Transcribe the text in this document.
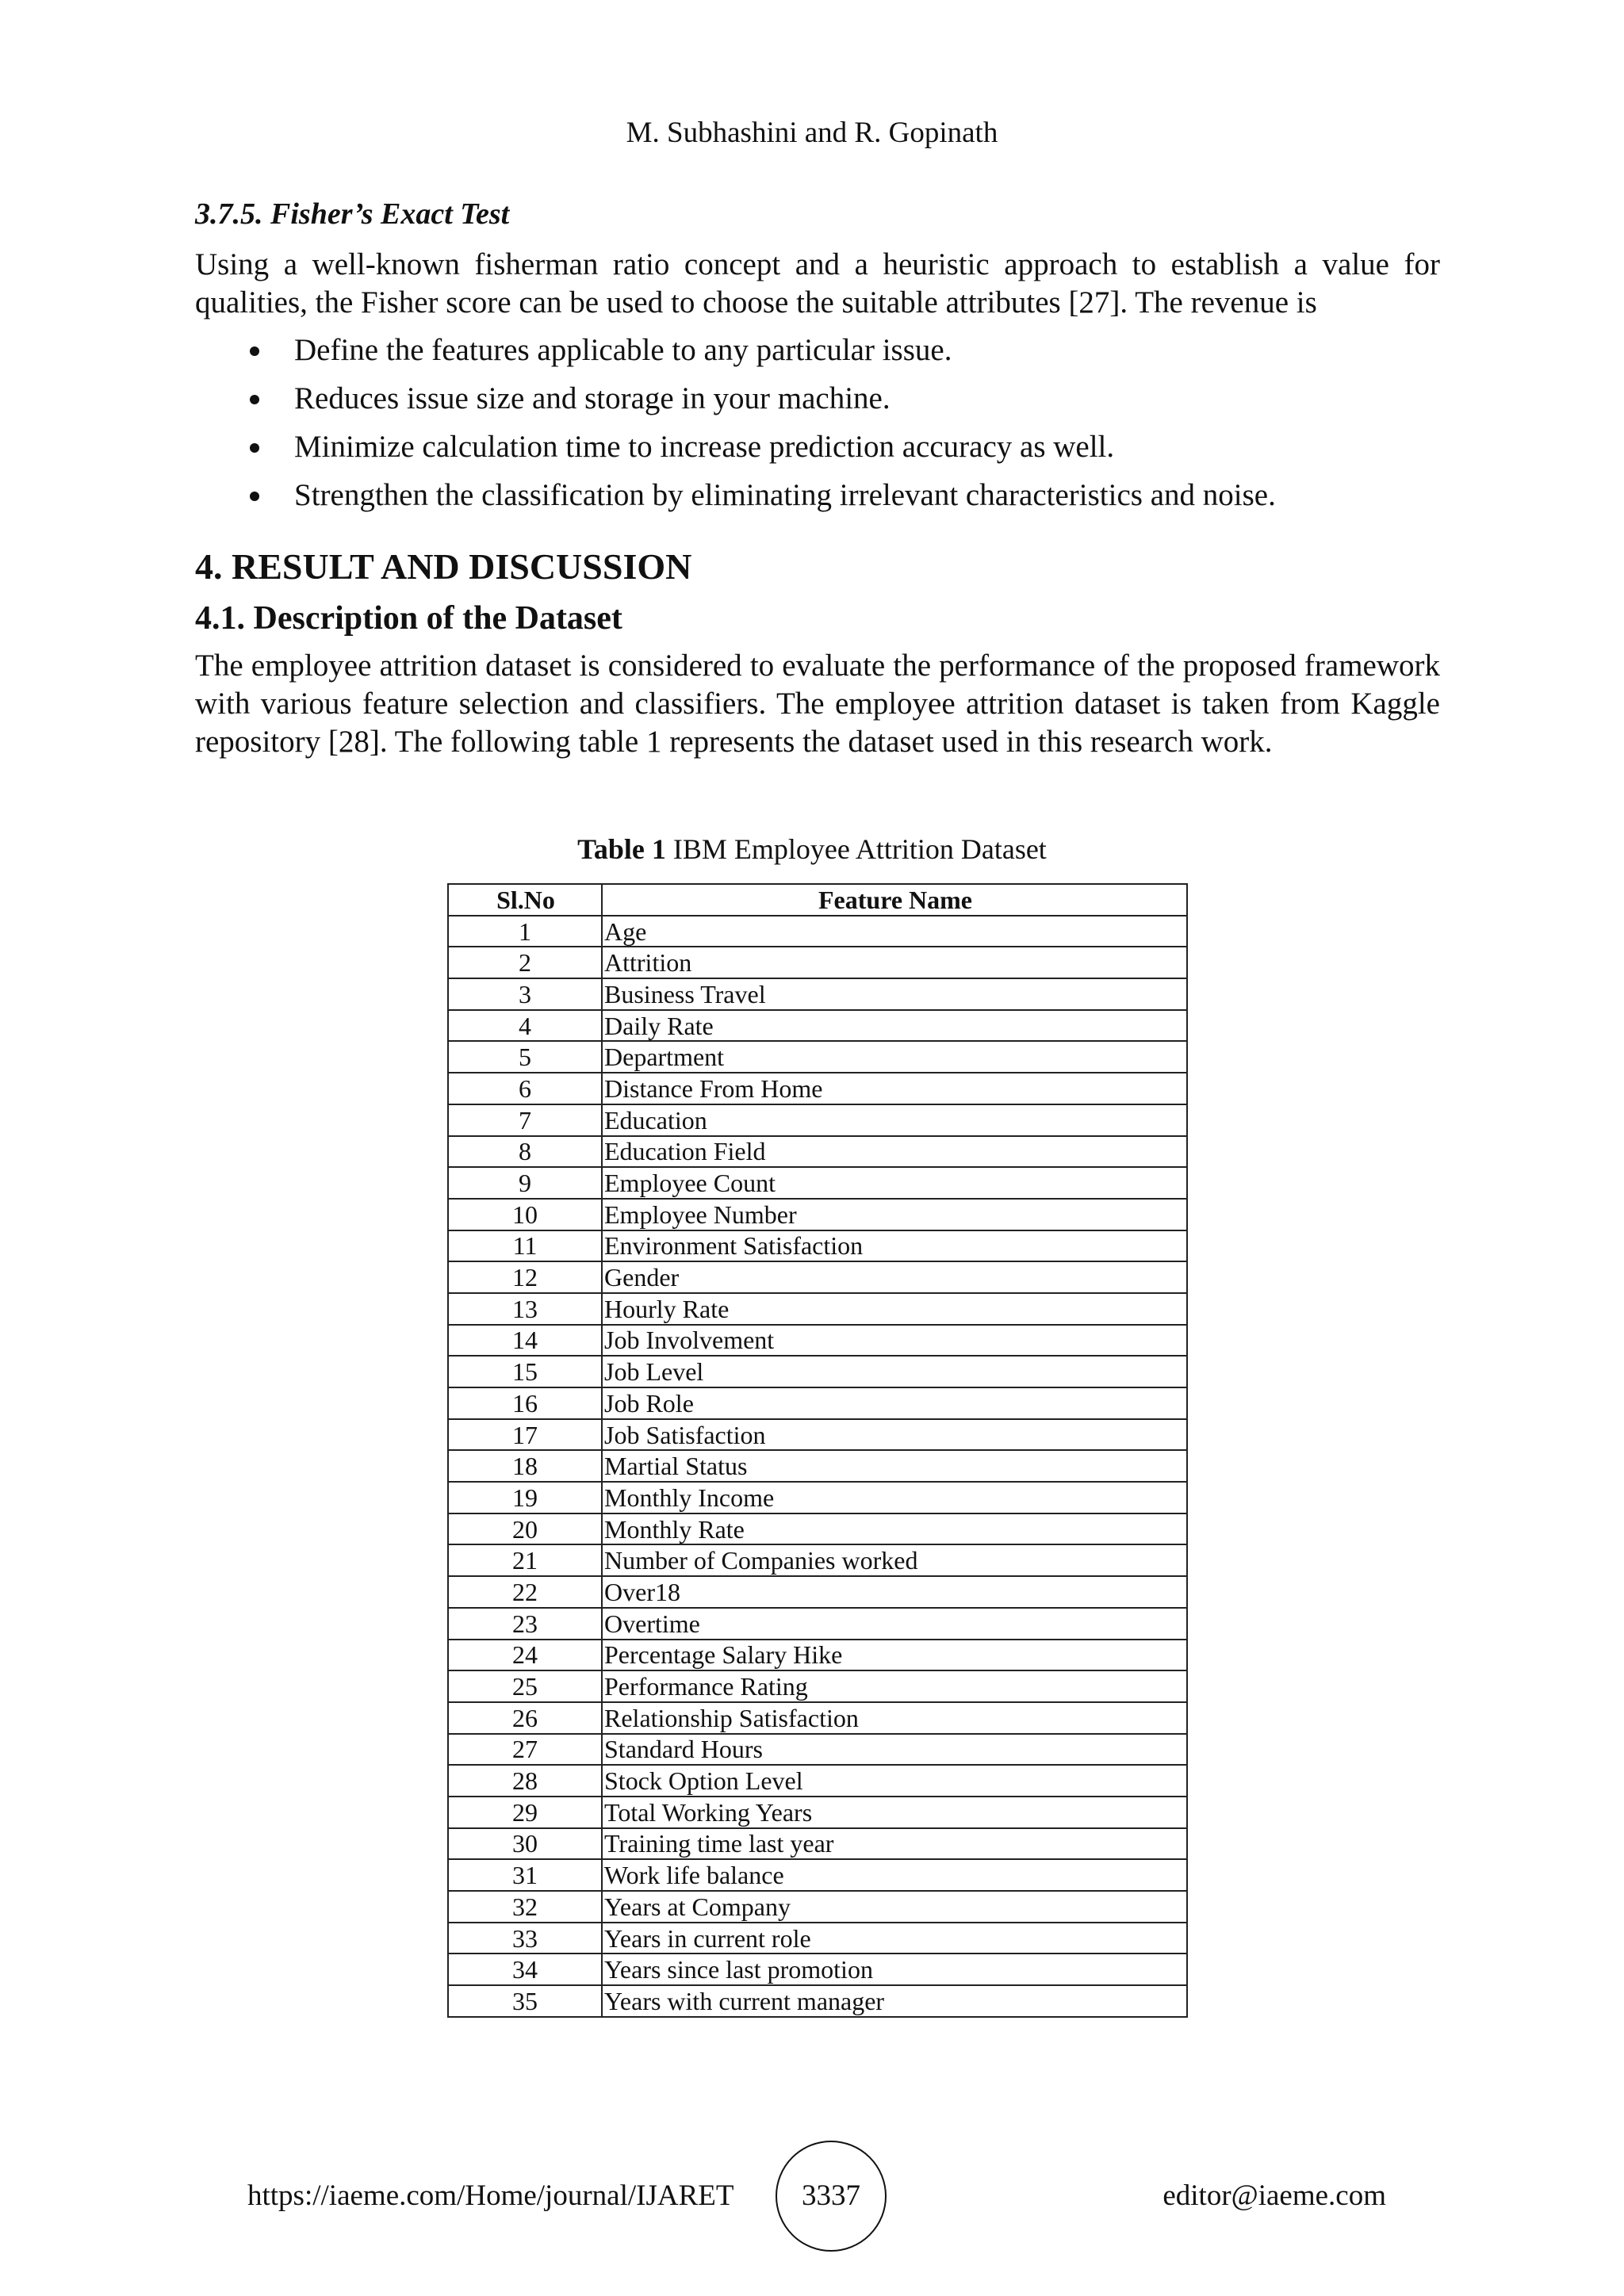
M. Subhashini and R. Gopinath
3.7.5. Fisher’s Exact Test
Using a well-known fisherman ratio concept and a heuristic approach to establish a value for qualities, the Fisher score can be used to choose the suitable attributes [27]. The revenue is
Define the features applicable to any particular issue.
Reduces issue size and storage in your machine.
Minimize calculation time to increase prediction accuracy as well.
Strengthen the classification by eliminating irrelevant characteristics and noise.
4. RESULT AND DISCUSSION
4.1. Description of the Dataset
The employee attrition dataset is considered to evaluate the performance of the proposed framework with various feature selection and classifiers. The employee attrition dataset is taken from Kaggle repository [28]. The following table 1 represents the dataset used in this research work.
Table 1 IBM Employee Attrition Dataset
Sl.No	Feature Name
1	Age
2	Attrition
3	Business Travel
4	Daily Rate
5	Department
6	Distance From Home
7	Education
8	Education Field
9	Employee Count
10	Employee Number
11	Environment Satisfaction
12	Gender
13	Hourly Rate
14	Job Involvement
15	Job Level
16	Job Role
17	Job Satisfaction
18	Martial Status
19	Monthly Income
20	Monthly Rate
21	Number of Companies worked
22	Over18
23	Overtime
24	Percentage Salary Hike
25	Performance Rating
26	Relationship Satisfaction
27	Standard Hours
28	Stock Option Level
29	Total Working Years
30	Training time last year
31	Work life balance
32	Years at Company
33	Years in current role
34	Years since last promotion
35	Years with current manager
https://iaeme.com/Home/journal/IJARET	3337	editor@iaeme.com
